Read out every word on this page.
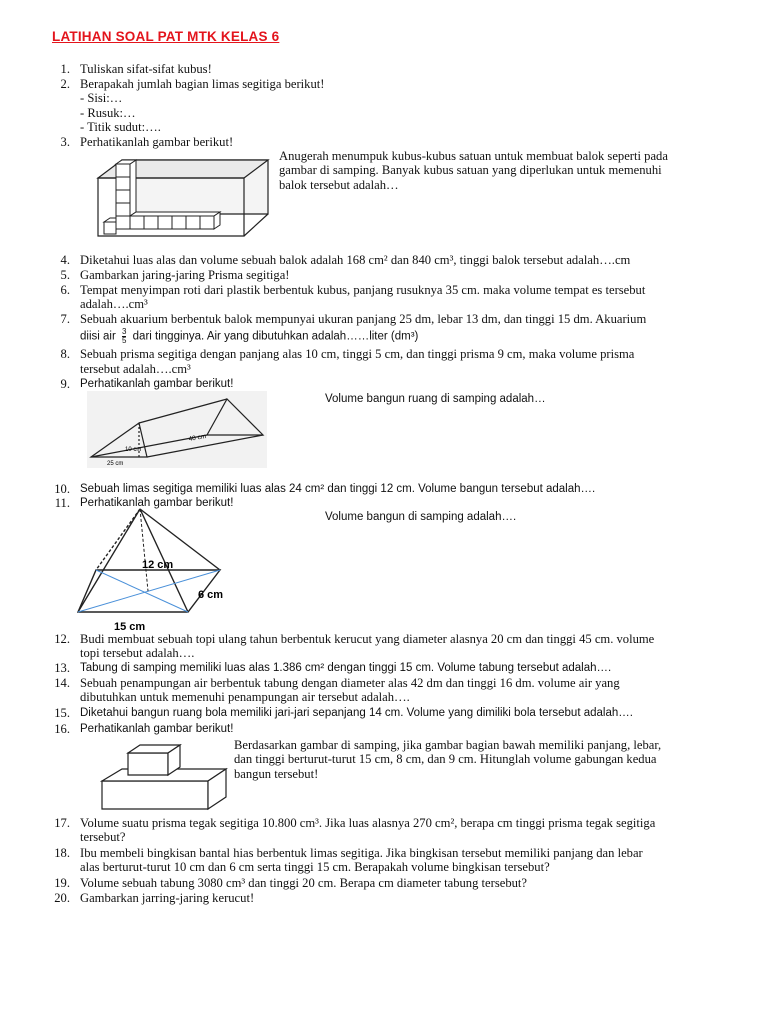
LATIHAN SOAL PAT MTK KELAS 6
1. Tuliskan sifat-sifat kubus!
2. Berapakah jumlah bagian limas segitiga berikut!
- Sisi:…
- Rusuk:…
- Titik sudut:….
3. Perhatikanlah gambar berikut!
4. Diketahui luas alas dan volume sebuah balok adalah 168 cm² dan 840 cm³, tinggi balok tersebut adalah….cm
5. Gambarkan jaring-jaring Prisma segitiga!
6. Tempat menyimpan roti dari plastik berbentuk kubus, panjang rusuknya 35 cm. maka volume tempat es tersebut
adalah….cm³
7. Sebuah akuarium berbentuk balok mempunyai ukuran panjang 25 dm, lebar 13 dm, dan tinggi 15 dm. Akuarium
8. Sebuah prisma segitiga dengan panjang alas 10 cm, tinggi 5 cm, dan tinggi prisma 9 cm, maka volume prisma
tersebut adalah….cm³
9. Perhatikanlah gambar berikut!
10. Sebuah limas segitiga memiliki luas alas 24 cm² dan tinggi 12 cm. Volume bangun tersebut adalah….
11. Perhatikanlah gambar berikut!
12. Budi membuat sebuah topi ulang tahun berbentuk kerucut yang diameter alasnya 20 cm dan tinggi 45 cm. volume
topi tersebut adalah….
13. Tabung di samping memiliki luas alas 1.386 cm² dengan tinggi 15 cm. Volume tabung tersebut adalah….
14. Sebuah penampungan air berbentuk tabung dengan diameter alas 42 dm dan tinggi 16 dm. volume air yang
dibutuhkan untuk memenuhi penampungan air tersebut adalah….
15. Diketahui bangun ruang bola memiliki jari-jari sepanjang 14 cm. Volume yang dimiliki bola tersebut adalah….
16. Perhatikanlah gambar berikut!
17. Volume suatu prisma tegak segitiga 10.800 cm³. Jika luas alasnya 270 cm², berapa cm tinggi prisma tegak segitiga
tersebut?
18. Ibu membeli bingkisan bantal hias berbentuk limas segitiga. Jika bingkisan tersebut memiliki panjang dan lebar
alas berturut-turut 10 cm dan 6 cm serta tinggi 15 cm. Berapakah volume bingkisan tersebut?
19. Volume sebuah tabung 3080 cm³ dan tinggi 20 cm. Berapa cm diameter tabung tersebut?
20. Gambarkan jarring-jaring kerucut!
Anugerah menumpuk kubus-kubus satuan untuk membuat balok seperti pada
gambar di samping. Banyak kubus satuan yang diperlukan untuk memenuhi
balok tersebut adalah…
Volume bangun ruang di samping adalah…
Volume bangun di samping adalah….
Berdasarkan gambar di samping, jika gambar bagian bawah memiliki panjang, lebar,
dan tinggi berturut-turut 15 cm, 8 cm, dan 9 cm. Hitunglah volume gabungan kedua
bangun tersebut!
diisi air $\frac{3}{5}$ dari tingginya. Air yang dibutuhkan adalah……liter (dm³)
40 cm
10 cm
25 cm
12 cm
6 cm
15 cm
